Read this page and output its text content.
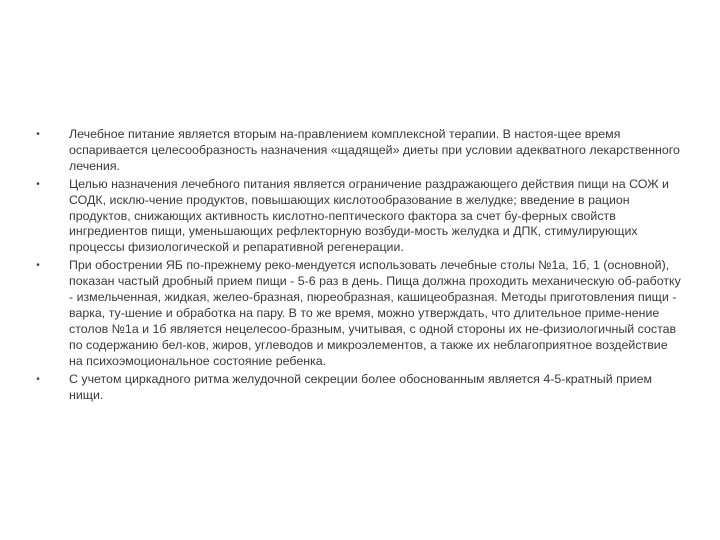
• Лечебное питание является вторым на-правлением комплексной терапии. В настоя-щее время оспаривается целесообразность назначения «щадящей» диеты при условии адекватного лекарственного лечения.
• Целью назначения лечебного питания является ограничение раздражающего действия пищи на СОЖ и СОДК, исклю-чение продуктов, повышающих кислотообразование в желудке; введение в рацион продуктов, снижающих активность кислотно-пептического фактора за счет бу-ферных свойств ингредиентов пищи, уменьшающих рефлекторную возбуди-мость желудка и ДПК, стимулирующих процессы физиологической и репаративной регенерации.
• При обострении ЯБ по-прежнему реко-мендуется использовать лечебные столы №1а, 1б, 1 (основной), показан частый дробный прием пищи - 5-6 раз в день. Пища должна проходить механическую об-работку - измельченная, жидкая, желео-бразная, пюреобразная, кашицеобразная. Методы приготовления пищи - варка, ту-шение и обработка на пару. В то же время, можно утверждать, что длительное приме-нение столов №1а и 1б является нецелесоо-бразным, учитывая, с одной стороны их не-физиологичный состав по содержанию бел-ков, жиров, углеводов и микроэлементов, а также их неблагоприятное воздействие на психоэмоциональное состояние ребенка.
• С учетом циркадного ритма желудочной секреции более обоснованным является 4-5-кратный прием нищи.
